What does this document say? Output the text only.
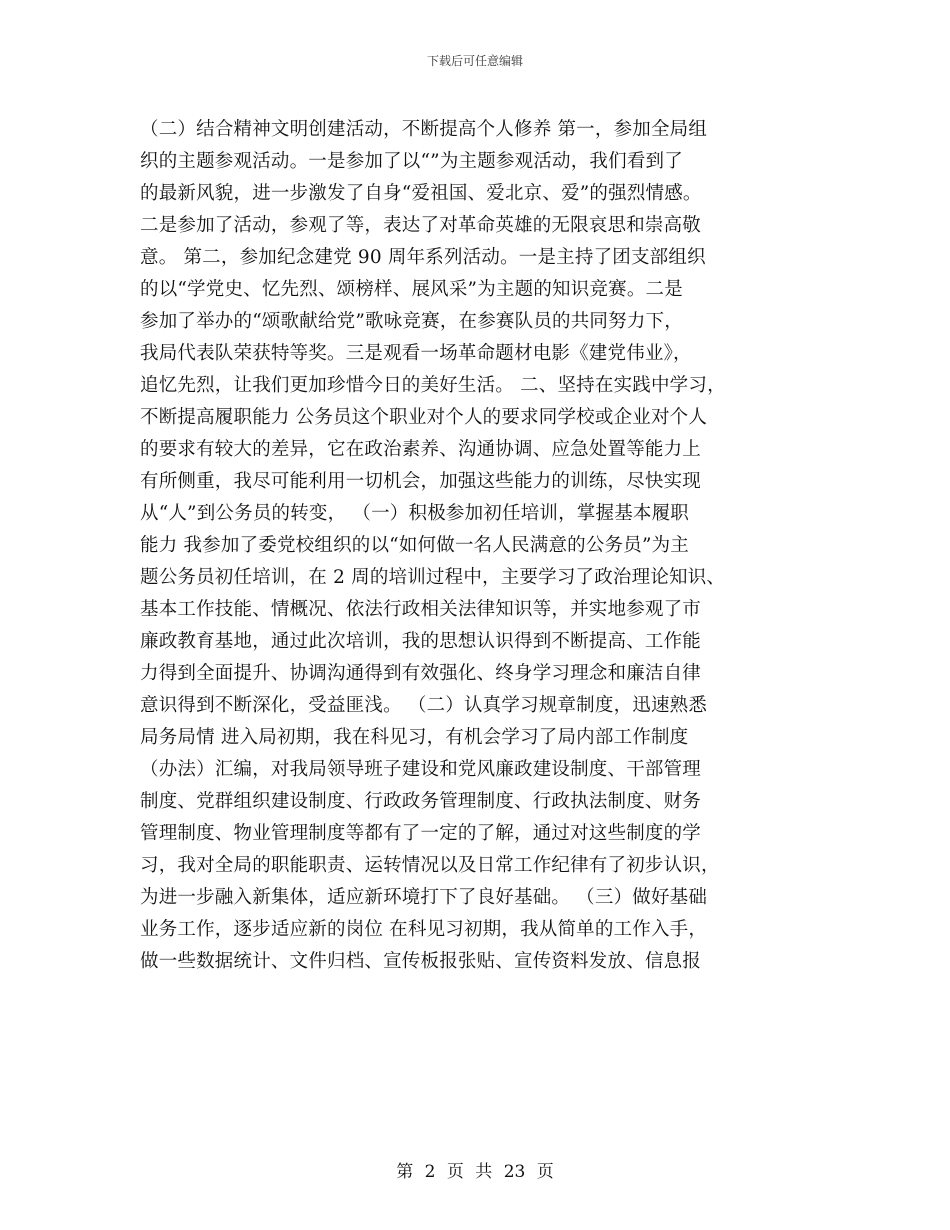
下载后可任意编辑
（二）结合精神文明创建活动，不断提高个人修养 第一，参加全局组
织的主题参观活动。一是参加了以“”为主题参观活动，我们看到了
的最新风貌，进一步激发了自身“爱祖国、爱北京、爱”的强烈情感。
二是参加了活动，参观了等，表达了对革命英雄的无限哀思和崇高敬
意。 第二，参加纪念建党 90 周年系列活动。一是主持了团支部组织
的以“学党史、忆先烈、颂榜样、展风采”为主题的知识竞赛。二是
参加了举办的“颂歌献给党”歌咏竞赛，在参赛队员的共同努力下，
我局代表队荣获特等奖。三是观看一场革命题材电影《建党伟业》，
追忆先烈，让我们更加珍惜今日的美好生活。 二、坚持在实践中学习，
不断提高履职能力 公务员这个职业对个人的要求同学校或企业对个人
的要求有较大的差异，它在政治素养、沟通协调、应急处置等能力上
有所侧重，我尽可能利用一切机会，加强这些能力的训练，尽快实现
从“人”到公务员的转变， （一）积极参加初任培训，掌握基本履职
能力 我参加了委党校组织的以“如何做一名人民满意的公务员”为主
题公务员初任培训，在 2 周的培训过程中，主要学习了政治理论知识、
基本工作技能、情概况、依法行政相关法律知识等，并实地参观了市
廉政教育基地，通过此次培训，我的思想认识得到不断提高、工作能
力得到全面提升、协调沟通得到有效强化、终身学习理念和廉洁自律
意识得到不断深化，受益匪浅。 （二）认真学习规章制度，迅速熟悉
局务局情 进入局初期，我在科见习，有机会学习了局内部工作制度
（办法）汇编，对我局领导班子建设和党风廉政建设制度、干部管理
制度、党群组织建设制度、行政政务管理制度、行政执法制度、财务
管理制度、物业管理制度等都有了一定的了解，通过对这些制度的学
习，我对全局的职能职责、运转情况以及日常工作纪律有了初步认识，
为进一步融入新集体，适应新环境打下了良好基础。 （三）做好基础
业务工作，逐步适应新的岗位 在科见习初期，我从简单的工作入手，
做一些数据统计、文件归档、宣传板报张贴、宣传资料发放、信息报
第 2 页 共 23 页
